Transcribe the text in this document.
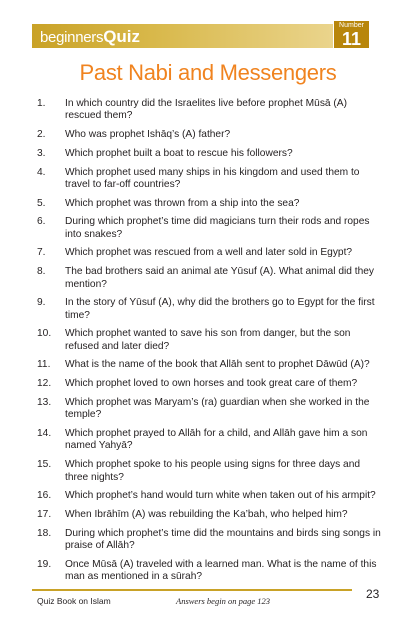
beginnersQuiz
Number
11
Past Nabi and Messengers
1.	In which country did the Israelites live before prophet Mūsā (A) rescued them?
2.	Who was prophet Ishāq’s (A) father?
3.	Which prophet built a boat to rescue his followers?
4.	Which prophet used many ships in his kingdom and used them to travel to far-off countries?
5.	Which prophet was thrown from a ship into the sea?
6.	During which prophet’s time did magicians turn their rods and ropes into snakes?
7.	Which prophet was rescued from a well and later sold in Egypt?
8.	The bad brothers said an animal ate Yūsuf (A). What animal did they mention?
9.	In the story of Yūsuf (A), why did the brothers go to Egypt for the first time?
10.	Which prophet wanted to save his son from danger, but the son refused and later died?
11.	What is the name of the book that Allāh sent to prophet Dāwūd (A)?
12.	Which prophet loved to own horses and took great care of them?
13.	Which prophet was Maryam’s (ra) guardian when she worked in the temple?
14.	Which prophet prayed to Allāh for a child, and Allāh gave him a son named Yahyā?
15.	Which prophet spoke to his people using signs for three days and three nights?
16.	Which prophet’s hand would turn white when taken out of his armpit?
17.	When Ibrāhīm (A) was rebuilding the Ka’bah, who helped him?
18.	During which prophet’s time did the mountains and birds sing songs in praise of Allāh?
19.	Once Mūsā (A) traveled with a learned man. What is the name of this man as mentioned in a sūrah?
Quiz Book on Islam	Answers begin on page 123	23
